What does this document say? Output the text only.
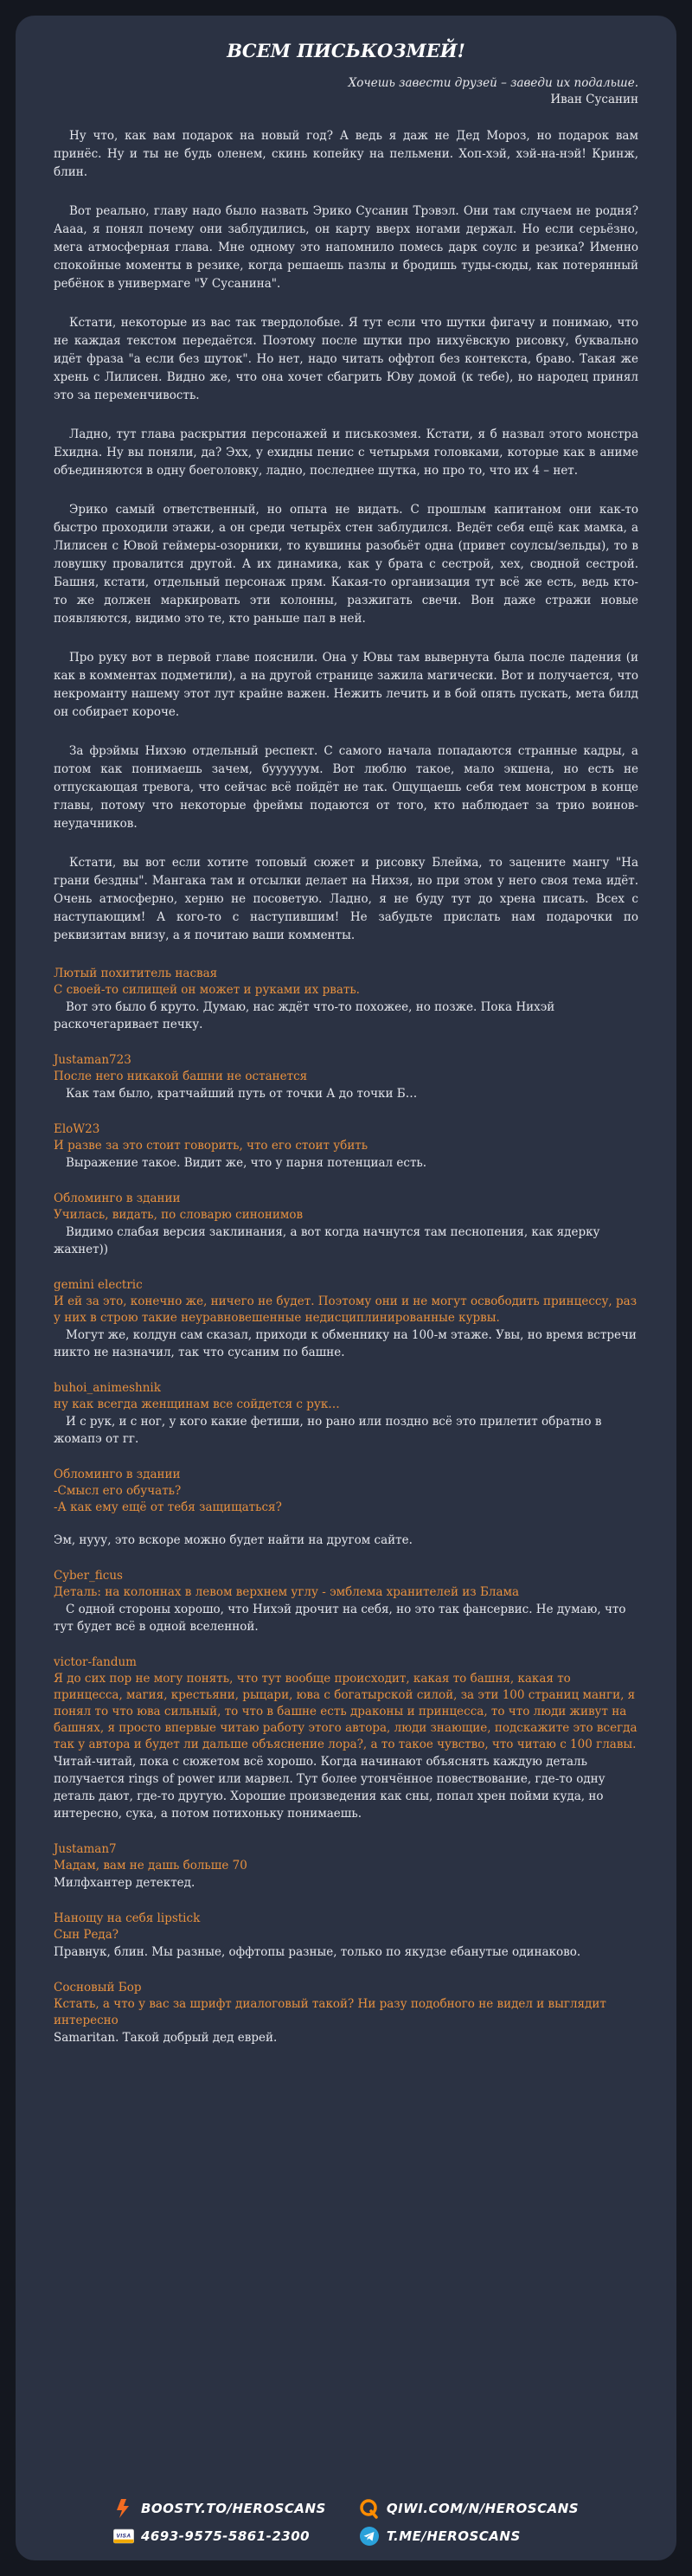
ВСЕМ ПИСЬКОЗМЕЙ!
Хочешь завести друзей – заведи их подальше.
Иван Сусанин

Ну что, как вам подарок на новый год? А ведь я даж не Дед Мороз, но подарок вам принёс. Ну и ты не будь оленем, скинь копейку на пельмени. Хоп-хэй, хэй-на-нэй! Кринж, блин.

Вот реально, главу надо было назвать Эрико Сусанин Трэвэл. Они там случаем не родня? Аааа, я понял почему они заблудились, он карту вверх ногами держал. Но если серьёзно, мега атмосферная глава. Мне одному это напомнило помесь дарк соулс и резика? Именно спокойные моменты в резике, когда решаешь пазлы и бродишь туды-сюды, как потерянный ребёнок в универмаге "У Сусанина".

Кстати, некоторые из вас так твердолобые. Я тут если что шутки фигачу и понимаю, что не каждая текстом передаётся. Поэтому после шутки про нихуёвскую рисовку, буквально идёт фраза "а если без шуток". Но нет, надо читать оффтоп без контекста, браво. Такая же хрень с Лилисен. Видно же, что она хочет сбагрить Юву домой (к тебе), но народец принял это за переменчивость.

Ладно, тут глава раскрытия персонажей и писькозмея. Кстати, я б назвал этого монстра Ехидна. Ну вы поняли, да? Эхх, у ехидны пенис с четырьмя головками, которые как в аниме объединяются в одну боеголовку, ладно, последнее шутка, но про то, что их 4 – нет.

Эрико самый ответственный, но опыта не видать. С прошлым капитаном они как-то быстро проходили этажи, а он среди четырёх стен заблудился. Ведёт себя ещё как мамка, а Лилисен с Ювой геймеры-озорники, то кувшины разобьёт одна (привет соулсы/зельды), то в ловушку провалится другой. А их динамика, как у брата с сестрой, хех, сводной сестрой. Башня, кстати, отдельный персонаж прям. Какая-то организация тут всё же есть, ведь кто-то же должен маркировать эти колонны, разжигать свечи. Вон даже стражи новые появляются, видимо это те, кто раньше пал в ней.

Про руку вот в первой главе пояснили. Она у Ювы там вывернута была после падения (и как в комментах подметили), а на другой странице зажила магически. Вот и получается, что некроманту нашему этот лут крайне важен. Нежить лечить и в бой опять пускать, мета билд он собирает короче.

За фрэймы Нихэю отдельный респект. С самого начала попадаются странные кадры, а потом как понимаешь зачем, буууууум. Вот люблю такое, мало экшена, но есть не отпускающая тревога, что сейчас всё пойдёт не так. Ощущаешь себя тем монстром в конце главы, потому что некоторые фреймы подаются от того, кто наблюдает за трио воинов-неудачников.

Кстати, вы вот если хотите топовый сюжет и рисовку Блейма, то зацените мангу "На грани бездны". Мангака там и отсылки делает на Нихэя, но при этом у него своя тема идёт. Очень атмосферно, херню не посоветую. Ладно, я не буду тут до хрена писать. Всех с наступающим! А кого-то с наступившим! Не забудьте прислать нам подарочки по реквизитам внизу, а я почитаю ваши комменты.

Лютый похититель насвая
С своей-то силищей он может и руками их рвать.
Вот это было б круто. Думаю, нас ждёт что-то похожее, но позже. Пока Нихэй раскочегаривает печку.
Justaman723
После него никакой башни не останется
Как там было, кратчайший путь от точки А до точки Б…
EloW23
И разве за это стоит говорить, что его стоит убить
Выражение такое. Видит же, что у парня потенциал есть.
Обломинго в здании
Училась, видать, по словарю синонимов
Видимо слабая версия заклинания, а вот когда начнутся там песнопения, как ядерку жахнет))
gemini electric
И ей за это, конечно же, ничего не будет. Поэтому они и не могут освободить принцессу, раз у них в строю такие неуравновешенные недисциплинированные курвы.
Могут же, колдун сам сказал, приходи к обменнику на 100-м этаже. Увы, но время встречи никто не назначил, так что сусаним по башне.
buhoi_animeshnik
ну как всегда женщинам все сойдется с рук…
И с рук, и с ног, у кого какие фетиши, но рано или поздно всё это прилетит обратно в жомапэ от гг.
Обломинго в здании
-Смысл его обучать?
-А как ему ещё от тебя защищаться?
Эм, нууу, это вскоре можно будет найти на другом сайте.
Cyber_ficus
Деталь: на колоннах в левом верхнем углу - эмблема хранителей из Блама
С одной стороны хорошо, что Нихэй дрочит на себя, но это так фансервис. Не думаю, что тут будет всё в одной вселенной.
victor-fandum
Я до сих пор не могу понять, что тут вообще происходит, какая то башня, какая то принцесса, магия, крестьяни, рыцари, юва с богатырской силой, за эти 100 страниц манги, я понял то что юва сильный, то что в башне есть драконы и принцесса, то что люди живут на башнях, я просто впервые читаю работу этого автора, люди знающие, подскажите это всегда так у автора и будет ли дальше объяснение лора?, а то такое чувство, что читаю с 100 главы.
Читай-читай, пока с сюжетом всё хорошо. Когда начинают объяснять каждую деталь получается rings of power или марвел. Тут более утончённое повествование, где-то одну деталь дают, где-то другую. Хорошие произведения как сны, попал хрен пойми куда, но интересно, сука, а потом потихоньку понимаешь.
Justaman7
Мадам, вам не дашь больше 70
Милфхантер детектед.
Нанощу на себя lipstick
Сын Реда?
Правнук, блин. Мы разные, оффтопы разные, только по якудзе ебанутые одинаково.
Сосновый Бор
Кстать, а что у вас за шрифт диалоговый такой? Ни разу подобного не видел и выглядит интересно
Samaritan. Такой добрый дед еврей.
BOOSTY.TO/HEROSCANS
VISA 4693-9575-5861-2300
QIWI.COM/N/HEROSCANS
T.ME/HEROSCANS
